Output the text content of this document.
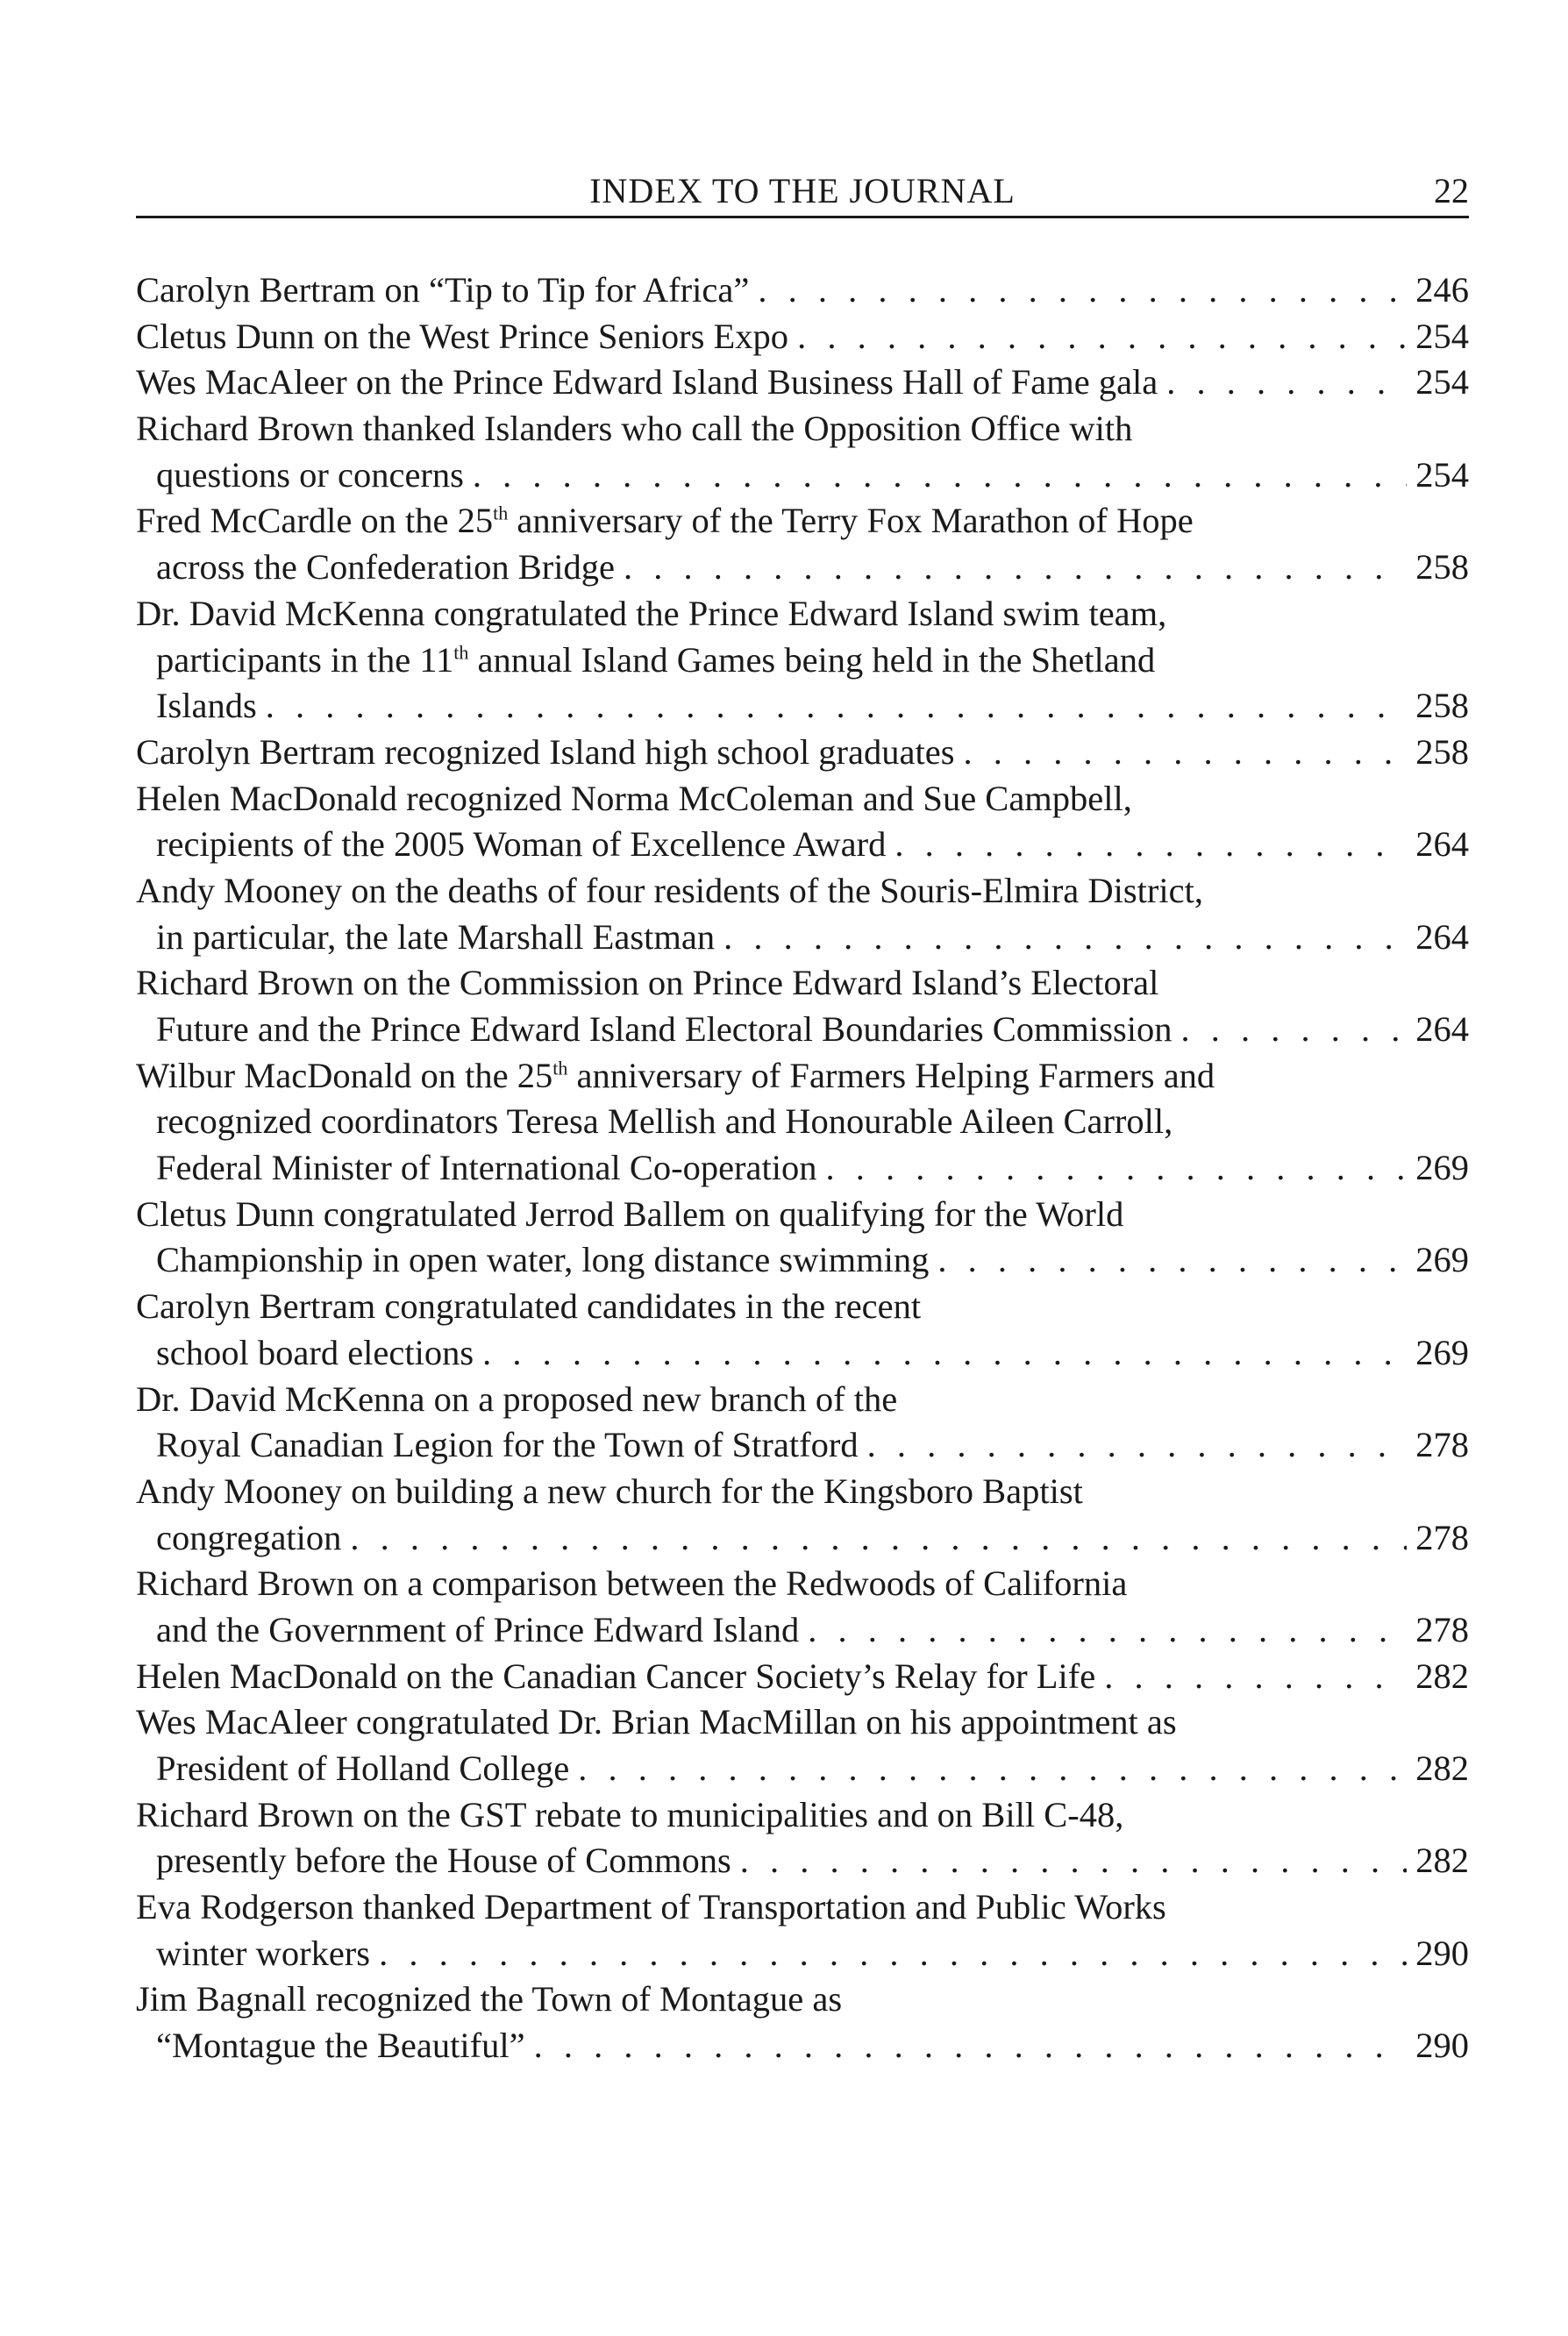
INDEX TO THE JOURNAL	22
Carolyn Bertram on “Tip to Tip for Africa” . . .	246
Cletus Dunn on the West Prince Seniors Expo . . .	254
Wes MacAleer on the Prince Edward Island Business Hall of Fame gala . . .	254
Richard Brown thanked Islanders who call the Opposition Office with
questions or concerns . . .	254
Fred McCardle on the 25th anniversary of the Terry Fox Marathon of Hope
across the Confederation Bridge . . .	258
Dr. David McKenna congratulated the Prince Edward Island swim team,
participants in the 11th annual Island Games being held in the Shetland
Islands . . .	258
Carolyn Bertram recognized Island high school graduates . . .	258
Helen MacDonald recognized Norma McColeman and Sue Campbell,
recipients of the 2005 Woman of Excellence Award . . .	264
Andy Mooney on the deaths of four residents of the Souris-Elmira District,
in particular, the late Marshall Eastman . . .	264
Richard Brown on the Commission on Prince Edward Island’s Electoral
Future and the Prince Edward Island Electoral Boundaries Commission . . .	264
Wilbur MacDonald on the 25th anniversary of Farmers Helping Farmers and
recognized coordinators Teresa Mellish and Honourable Aileen Carroll,
Federal Minister of International Co-operation . . .	269
Cletus Dunn congratulated Jerrod Ballem on qualifying for the World
Championship in open water, long distance swimming . . .	269
Carolyn Bertram congratulated candidates in the recent
school board elections . . .	269
Dr. David McKenna on a proposed new branch of the
Royal Canadian Legion for the Town of Stratford . . .	278
Andy Mooney on building a new church for the Kingsboro Baptist
congregation . . .	278
Richard Brown on a comparison between the Redwoods of California
and the Government of Prince Edward Island . . .	278
Helen MacDonald on the Canadian Cancer Society’s Relay for Life . . .	282
Wes MacAleer congratulated Dr. Brian MacMillan on his appointment as
President of Holland College . . .	282
Richard Brown on the GST rebate to municipalities and on Bill C-48,
presently before the House of Commons . . .	282
Eva Rodgerson thanked Department of Transportation and Public Works
winter workers . . .	290
Jim Bagnall recognized the Town of Montague as
“Montague the Beautiful” . . .	290
